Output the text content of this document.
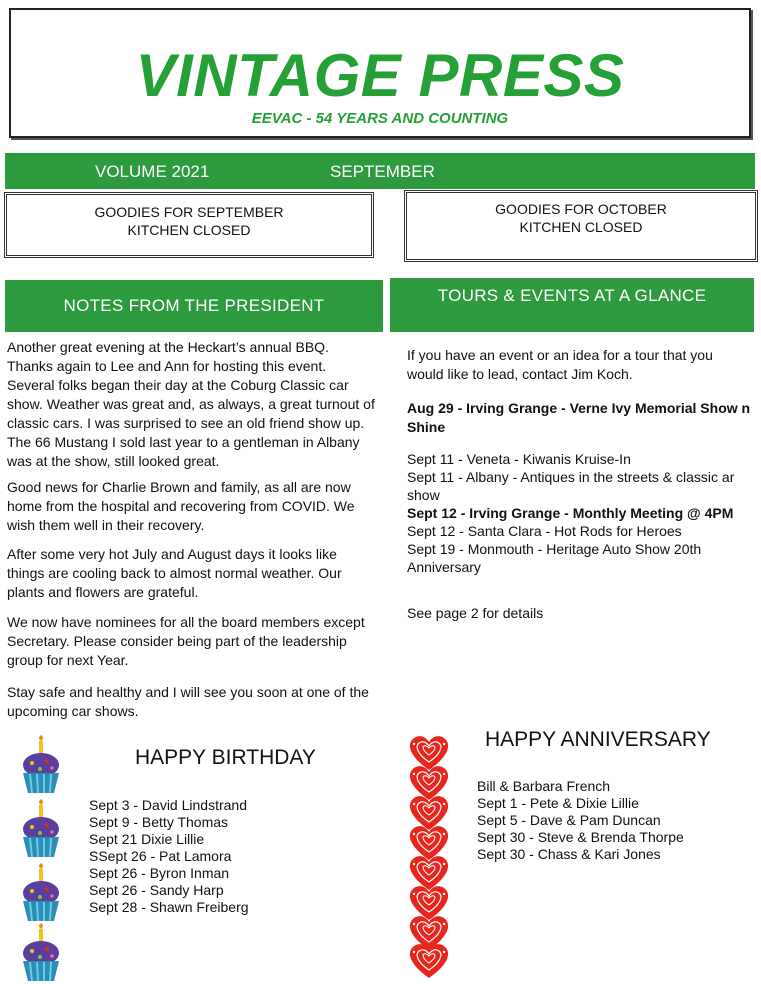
VINTAGE PRESS
EEVAC - 54 YEARS AND COUNTING
VOLUME 2021	SEPTEMBER
GOODIES FOR SEPTEMBER
KITCHEN CLOSED
GOODIES FOR OCTOBER
KITCHEN CLOSED
NOTES FROM THE PRESIDENT
TOURS & EVENTS AT A GLANCE

Another great evening at the Heckart’s annual BBQ. Thanks again to Lee and Ann for hosting this event. Several folks began their day at the Coburg Classic car show. Weather was great and, as always, a great turnout of classic cars. I was surprised to see an old friend show up. The 66 Mustang I sold last year to a gentleman in Albany was at the show, still looked great.

Good news for Charlie Brown and family, as all are now home from the hospital and recovering from COVID. We wish them well in their recovery.

After some very hot July and August days it looks like things are cooling back to almost normal weather. Our plants and flowers are grateful.

We now have nominees for all the board members except Secretary. Please consider being part of the leadership group for next Year.

Stay safe and healthy and I will see you soon at one of the upcoming car shows.

If you have an event or an idea for a tour that you would like to lead, contact Jim Koch.

Aug 29 - Irving Grange - Verne Ivy Memorial Show n Shine

Sept 11 - Veneta - Kiwanis Kruise-In

Sept 11 - Albany - Antiques in the streets & classic ar show

Sept 12 - Irving Grange - Monthly Meeting @ 4PM

Sept 12 - Santa Clara - Hot Rods for Heroes

Sept 19 - Monmouth - Heritage Auto Show 20th Anniversary

See page 2 for details

HAPPY BIRTHDAY

Sept 3 - David Lindstrand

Sept 9 - Betty Thomas

Sept 21 Dixie Lillie

SSept 26 - Pat Lamora

Sept 26 - Byron Inman

Sept 26 - Sandy Harp

Sept 28 - Shawn Freiberg

HAPPY ANNIVERSARY

Bill & Barbara French

Sept 1 - Pete & Dixie Lillie

Sept 5 - Dave & Pam Duncan

Sept 30 - Steve & Brenda Thorpe

Sept 30 - Chass & Kari Jones
